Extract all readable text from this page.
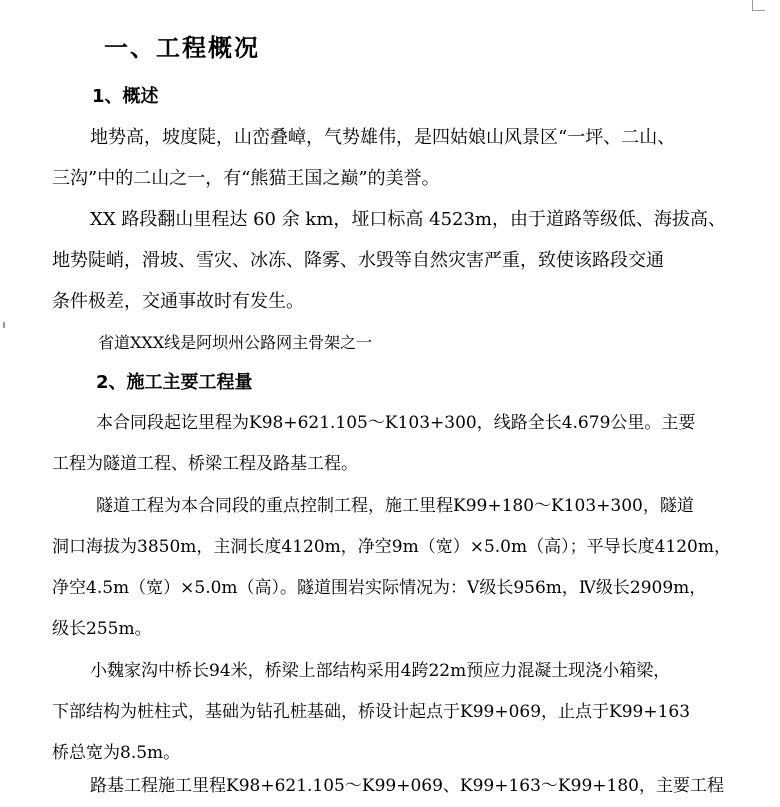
一、工程概况
1、概述
地势高，坡度陡，山峦叠嶂，气势雄伟，是四姑娘山风景区“一坪、二山、
三沟”中的二山之一，有“熊猫王国之巅”的美誉。
XX 路段翻山里程达 60 余 km，垭口标高 4523m，由于道路等级低、海拔高、
地势陡峭，滑坡、雪灾、冰冻、降雾、水毁等自然灾害严重，致使该路段交通
条件极差，交通事故时有发生。
省道XXX线是阿坝州公路网主骨架之一
2、施工主要工程量
本合同段起讫里程为K98+621.105～K103+300，线路全长4.679公里。主要
工程为隧道工程、桥梁工程及路基工程。
隧道工程为本合同段的重点控制工程，施工里程K99+180～K103+300，隧道
洞口海拔为3850m，主洞长度4120m，净空9m（宽）×5.0m（高）；平导长度4120m，
净空4.5m（宽）×5.0m（高）。隧道围岩实际情况为：Ⅴ级长956m，Ⅳ级长2909m，
级长255m。
小魏家沟中桥长94米，桥梁上部结构采用4跨22m预应力混凝土现浇小箱梁，
下部结构为桩柱式，基础为钻孔桩基础，桥设计起点于K99+069，止点于K99+163
桥总宽为8.5m。
路基工程施工里程K98+621.105～K99+069、K99+163～K99+180，主要工程
